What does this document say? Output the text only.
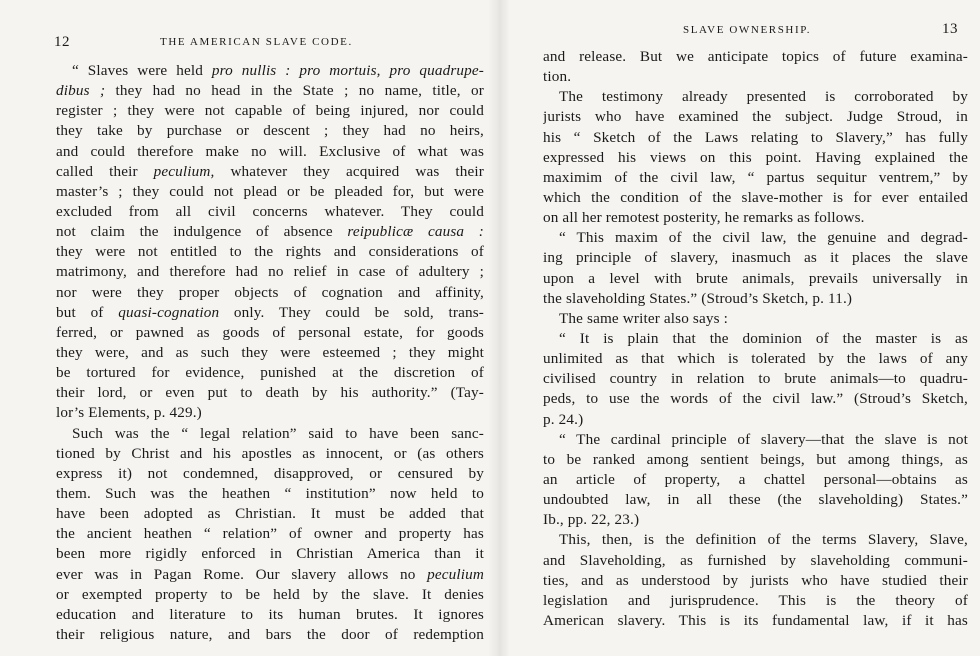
12	THE AMERICAN SLAVE CODE.
“ Slaves were held pro nullis : pro mortuis, pro quadrupe-
dibus ; they had no head in the State ; no name, title, or
register ; they were not capable of being injured, nor could
they take by purchase or descent ; they had no heirs,
and could therefore make no will. Exclusive of what was
called their peculium, whatever they acquired was their
master’s ; they could not plead or be pleaded for, but were
excluded from all civil concerns whatever. They could
not claim the indulgence of absence reipublicæ causa :
they were not entitled to the rights and considerations of
matrimony, and therefore had no relief in case of adultery ;
nor were they proper objects of cognation and affinity,
but of quasi-cognation only. They could be sold, trans-
ferred, or pawned as goods of personal estate, for goods
they were, and as such they were esteemed ; they might
be tortured for evidence, punished at the discretion of
their lord, or even put to death by his authority.” (Tay-
lor’s Elements, p. 429.)
Such was the “ legal relation” said to have been sanc-
tioned by Christ and his apostles as innocent, or (as others
express it) not condemned, disapproved, or censured by
them. Such was the heathen “ institution” now held to
have been adopted as Christian. It must be added that
the ancient heathen “ relation” of owner and property has
been more rigidly enforced in Christian America than it
ever was in Pagan Rome. Our slavery allows no peculium
or exempted property to be held by the slave. It denies
education and literature to its human brutes. It ignores
their religious nature, and bars the door of redemption
SLAVE OWNERSHIP.	13
and release. But we anticipate topics of future examina-
tion.
The testimony already presented is corroborated by
jurists who have examined the subject. Judge Stroud, in
his “ Sketch of the Laws relating to Slavery,” has fully
expressed his views on this point. Having explained the
maximim of the civil law, “ partus sequitur ventrem,” by
which the condition of the slave-mother is for ever entailed
on all her remotest posterity, he remarks as follows.
“ This maxim of the civil law, the genuine and degrad-
ing principle of slavery, inasmuch as it places the slave
upon a level with brute animals, prevails universally in
the slaveholding States.” (Stroud’s Sketch, p. 11.)
The same writer also says :
“ It is plain that the dominion of the master is as
unlimited as that which is tolerated by the laws of any
civilised country in relation to brute animals—to quadru-
peds, to use the words of the civil law.” (Stroud’s Sketch,
p. 24.)
“ The cardinal principle of slavery—that the slave is not
to be ranked among sentient beings, but among things, as
an article of property, a chattel personal—obtains as
undoubted law, in all these (the slaveholding) States.”
Ib., pp. 22, 23.)
This, then, is the definition of the terms Slavery, Slave,
and Slaveholding, as furnished by slaveholding communi-
ties, and as understood by jurists who have studied their
legislation and jurisprudence. This is the theory of
American slavery. This is its fundamental law, if it has
